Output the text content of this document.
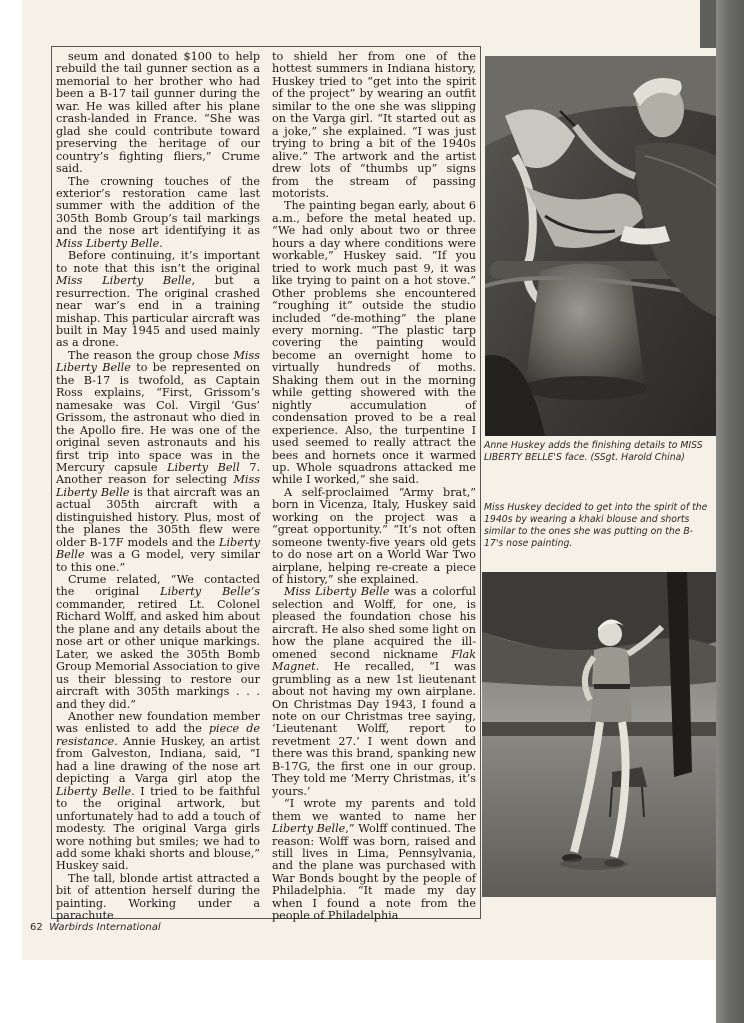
seum and donated $100 to help rebuild the tail gunner section as a memorial to her brother who had been a B-17 tail gunner during the war. He was killed after his plane crash-landed in France. “She was glad she could contribute toward preserving the heritage of our country’s fighting fliers,” Crume said.

The crowning touches of the exterior’s restoration came last summer with the addition of the 305th Bomb Group’s tail markings and the nose art identifying it as Miss Liberty Belle.

Before continuing, it’s important to note that this isn’t the original Miss Liberty Belle, but a resurrection. The original crashed near war’s end in a training mishap. This particular aircraft was built in May 1945 and used mainly as a drone.

The reason the group chose Miss Liberty Belle to be represented on the B-17 is twofold, as Captain Ross explains, “First, Grissom’s namesake was Col. Virgil ‘Gus’ Grissom, the astronaut who died in the Apollo fire. He was one of the original seven astronauts and his first trip into space was in the Mercury capsule Liberty Bell 7. Another reason for selecting Miss Liberty Belle is that aircraft was an actual 305th aircraft with a distinguished history. Plus, most of the planes the 305th flew were older B-17F models and the Liberty Belle was a G model, very similar to this one.”

Crume related, “We contacted the original Liberty Belle’s commander, retired Lt. Colonel Richard Wolff, and asked him about the plane and any details about the nose art or other unique markings. Later, we asked the 305th Bomb Group Memorial Association to give us their blessing to restore our aircraft with 305th markings . . . and they did.”

Another new foundation member was enlisted to add the piece de resistance. Annie Huskey, an artist from Galveston, Indiana, said, “I had a line drawing of the nose art depicting a Varga girl atop the Liberty Belle. I tried to be faithful to the original artwork, but unfortunately had to add a touch of modesty. The original Varga girls wore nothing but smiles; we had to add some khaki shorts and blouse,” Huskey said.

The tall, blonde artist attracted a bit of attention herself during the painting. Working under a parachute

to shield her from one of the hottest summers in Indiana history, Huskey tried to “get into the spirit of the project” by wearing an outfit similar to the one she was slipping on the Varga girl. “It started out as a joke,” she explained. “I was just trying to bring a bit of the 1940s alive.” The artwork and the artist drew lots of “thumbs up” signs from the stream of passing motorists.

The painting began early, about 6 a.m., before the metal heated up. “We had only about two or three hours a day where conditions were workable,” Huskey said. “If you tried to work much past 9, it was like trying to paint on a hot stove.” Other problems she encountered “roughing it” outside the studio included “de-mothing” the plane every morning. “The plastic tarp covering the painting would become an overnight home to virtually hundreds of moths. Shaking them out in the morning while getting showered with the nightly accumulation of condensation proved to be a real experience. Also, the turpentine I used seemed to really attract the bees and hornets once it warmed up. Whole squadrons attacked me while I worked,” she said.

A self-proclaimed “Army brat,” born in Vicenza, Italy, Huskey said working on the project was a “great opportunity.” “It’s not often someone twenty-five years old gets to do nose art on a World War Two airplane, helping re-create a piece of history,” she explained.

Miss Liberty Belle was a colorful selection and Wolff, for one, is pleased the foundation chose his aircraft. He also shed some light on how the plane acquired the ill-omened second nickname Flak Magnet. He recalled, “I was grumbling as a new 1st lieutenant about not having my own airplane. On Christmas Day 1943, I found a note on our Christmas tree saying, ‘Lieutenant Wolff, report to revetment 27.’ I went down and there was this brand, spanking new B-17G, the first one in our group. They told me ‘Merry Christmas, it’s yours.’

“I wrote my parents and told them we wanted to name her Liberty Belle,” Wolff continued. The reason: Wolff was born, raised and still lives in Lima, Pennsylvania, and the plane was purchased with War Bonds bought by the people of Philadelphia. “It made my day when I found a note from the people of Philadelphia

Anne Huskey adds the finishing details to MISS LIBERTY BELLE'S face. (SSgt. Harold China)
Miss Huskey decided to get into the spirit of the 1940s by wearing a khaki blouse and shorts similar to the ones she was putting on the B-17's nose painting.
62 Warbirds International
